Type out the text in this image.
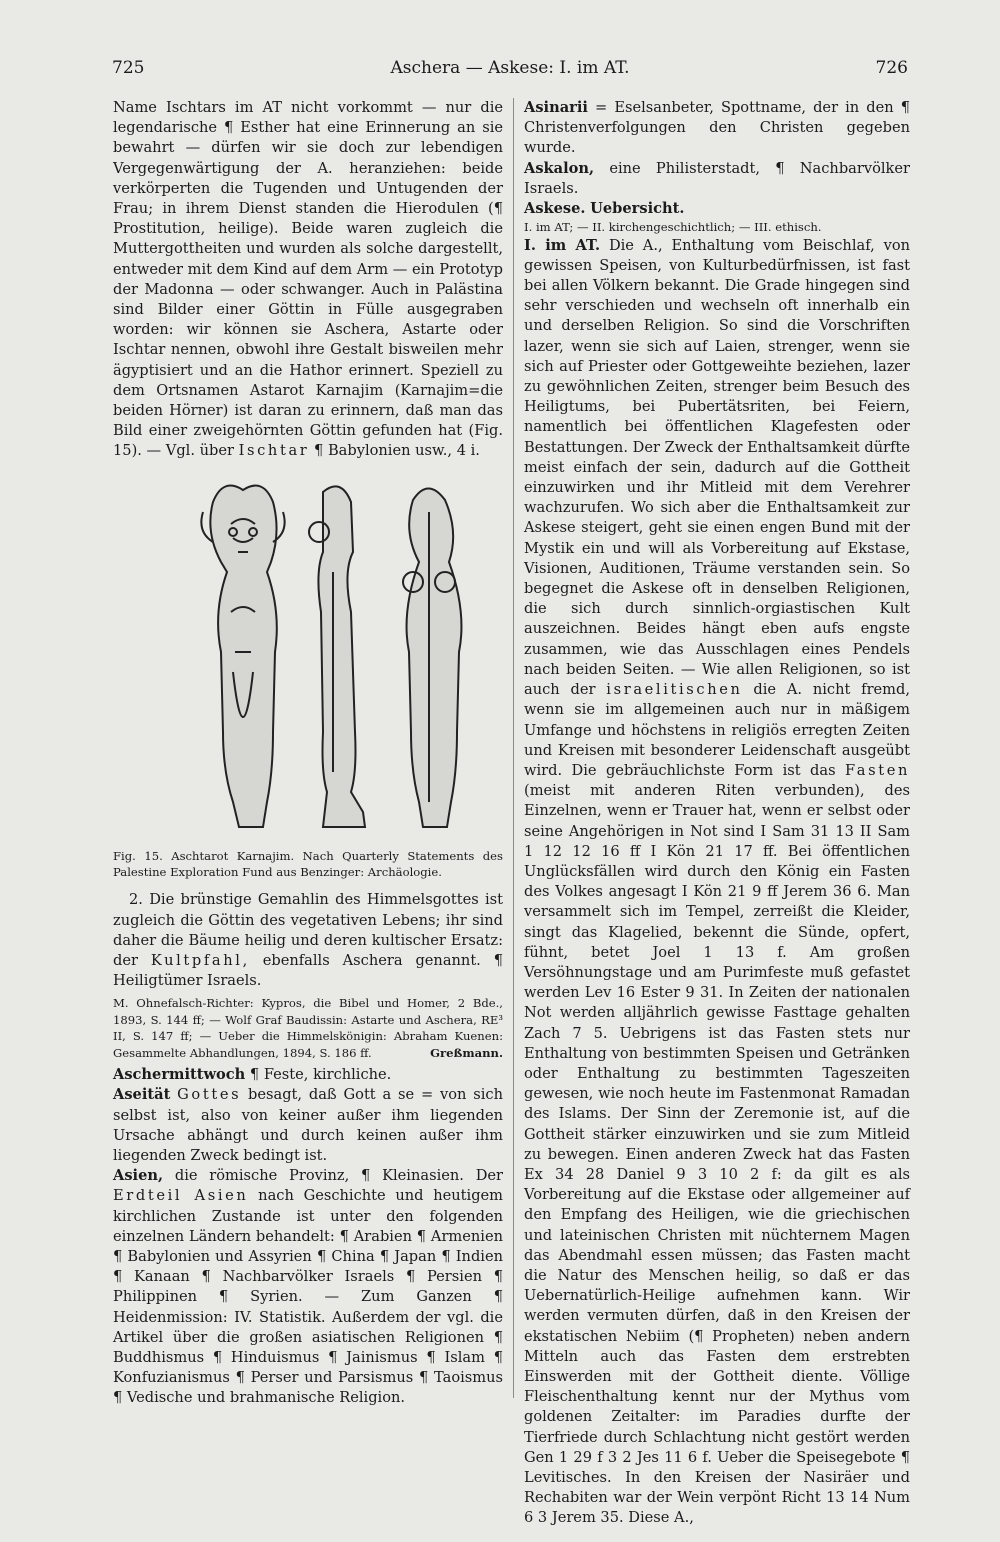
725	Aschera — Askese: I. im AT.	726

Name Ischtars im AT nicht vorkommt — nur die legendarische ¶ Esther hat eine Erinnerung an sie bewahrt — dürfen wir sie doch zur lebendigen Vergegenwärtigung der A. heranziehen: beide verkörperten die Tugenden und Untugenden der Frau; in ihrem Dienst standen die Hierodulen (¶ Prostitution, heilige). Beide waren zugleich die Muttergottheiten und wurden als solche dargestellt, entweder mit dem Kind auf dem Arm — ein Prototyp der Madonna — oder schwanger. Auch in Palästina sind Bilder einer Göttin in Fülle ausgegraben worden: wir können sie Aschera, Astarte oder Ischtar nennen, obwohl ihre Gestalt bisweilen mehr ägyptisiert und an die Hathor erinnert. Speziell zu dem Ortsnamen Astarot Karnajim (Karnajim=die beiden Hörner) ist daran zu erinnern, daß man das Bild einer zweigehörnten Göttin gefunden hat (Fig. 15). — Vgl. über Ischtar ¶ Babylonien usw., 4 i.

Fig. 15. Aschtarot Karnajim. Nach Quarterly Statements des Palestine Exploration Fund aus Benzinger: Archäologie.

2. Die brünstige Gemahlin des Himmelsgottes ist zugleich die Göttin des vegetativen Lebens; ihr sind daher die Bäume heilig und deren kultischer Ersatz: der Kultpfahl, ebenfalls Aschera genannt. ¶ Heiligtümer Israels.

M. Ohnefalsch-Richter: Kypros, die Bibel und Homer, 2 Bde., 1893, S. 144 ff; — Wolf Graf Baudissin: Astarte und Aschera, RE³ II, S. 147 ff; — Ueber die Himmelskönigin: Abraham Kuenen: Gesammelte Abhandlungen, 1894, S. 186 ff.	Greßmann.

Aschermittwoch ¶ Feste, kirchliche.

Aseität Gottes besagt, daß Gott a se = von sich selbst ist, also von keiner außer ihm liegenden Ursache abhängt und durch keinen außer ihm liegenden Zweck bedingt ist.

Asien, die römische Provinz, ¶ Kleinasien. Der Erdteil Asien nach Geschichte und heutigem kirchlichen Zustande ist unter den folgenden einzelnen Ländern behandelt: ¶ Arabien ¶ Armenien ¶ Babylonien und Assyrien ¶ China ¶ Japan ¶ Indien ¶ Kanaan ¶ Nachbarvölker Israels ¶ Persien ¶ Philippinen ¶ Syrien. — Zum Ganzen ¶ Heidenmission: IV. Statistik. Außerdem der vgl. die Artikel über die großen asiatischen Religionen ¶ Buddhismus ¶ Hinduismus ¶ Jainismus ¶ Islam ¶ Konfuzianismus ¶ Perser und Parsismus ¶ Taoismus ¶ Vedische und brahmanische Religion.

Asinarii = Eselsanbeter, Spottname, der in den ¶ Christenverfolgungen den Christen gegeben wurde.

Askalon, eine Philisterstadt, ¶ Nachbarvölker Israels.

Askese. Uebersicht.

I. im AT; — II. kirchengeschichtlich; — III. ethisch.

I. im AT. Die A., Enthaltung vom Beischlaf, von gewissen Speisen, von Kulturbedürfnissen, ist fast bei allen Völkern bekannt. Die Grade hingegen sind sehr verschieden und wechseln oft innerhalb ein und derselben Religion. So sind die Vorschriften lazer, wenn sie sich auf Laien, strenger, wenn sie sich auf Priester oder Gottgeweihte beziehen, lazer zu gewöhnlichen Zeiten, strenger beim Besuch des Heiligtums, bei Pubertätsriten, bei Feiern, namentlich bei öffentlichen Klagefesten oder Bestattungen. Der Zweck der Enthaltsamkeit dürfte meist einfach der sein, dadurch auf die Gottheit einzuwirken und ihr Mitleid mit dem Verehrer wachzurufen. Wo sich aber die Enthaltsamkeit zur Askese steigert, geht sie einen engen Bund mit der Mystik ein und will als Vorbereitung auf Ekstase, Visionen, Auditionen, Träume verstanden sein. So begegnet die Askese oft in denselben Religionen, die sich durch sinnlich-orgiastischen Kult auszeichnen. Beides hängt eben aufs engste zusammen, wie das Ausschlagen eines Pendels nach beiden Seiten. — Wie allen Religionen, so ist auch der israelitischen die A. nicht fremd, wenn sie im allgemeinen auch nur in mäßigem Umfange und höchstens in religiös erregten Zeiten und Kreisen mit besonderer Leidenschaft ausgeübt wird. Die gebräuchlichste Form ist das Fasten (meist mit anderen Riten verbunden), des Einzelnen, wenn er Trauer hat, wenn er selbst oder seine Angehörigen in Not sind I Sam 31 13 II Sam 1 12 12 16 ff I Kön 21 17 ff. Bei öffentlichen Unglücksfällen wird durch den König ein Fasten des Volkes angesagt I Kön 21 9 ff Jerem 36 6. Man versammelt sich im Tempel, zerreißt die Kleider, singt das Klagelied, bekennt die Sünde, opfert, fühnt, betet Joel 1 13 f. Am großen Versöhnungstage und am Purimfeste muß gefastet werden Lev 16 Ester 9 31. In Zeiten der nationalen Not werden alljährlich gewisse Fasttage gehalten Zach 7 5. Uebrigens ist das Fasten stets nur Enthaltung von bestimmten Speisen und Getränken oder Enthaltung zu bestimmten Tageszeiten gewesen, wie noch heute im Fastenmonat Ramadan des Islams. Der Sinn der Zeremonie ist, auf die Gottheit stärker einzuwirken und sie zum Mitleid zu bewegen. Einen anderen Zweck hat das Fasten Ex 34 28 Daniel 9 3 10 2 f: da gilt es als Vorbereitung auf die Ekstase oder allgemeiner auf den Empfang des Heiligen, wie die griechischen und lateinischen Christen mit nüchternem Magen das Abendmahl essen müssen; das Fasten macht die Natur des Menschen heilig, so daß er das Uebernatürlich-Heilige aufnehmen kann. Wir werden vermuten dürfen, daß in den Kreisen der ekstatischen Nebiim (¶ Propheten) neben andern Mitteln auch das Fasten dem erstrebten Einswerden mit der Gottheit diente. Völlige Fleischenthaltung kennt nur der Mythus vom goldenen Zeitalter: im Paradies durfte der Tierfriede durch Schlachtung nicht gestört werden Gen 1 29 f 3 2 Jes 11 6 f. Ueber die Speisegebote ¶ Levitisches. In den Kreisen der Nasiräer und Rechabiten war der Wein verpönt Richt 13 14 Num 6 3 Jerem 35. Diese A.,
